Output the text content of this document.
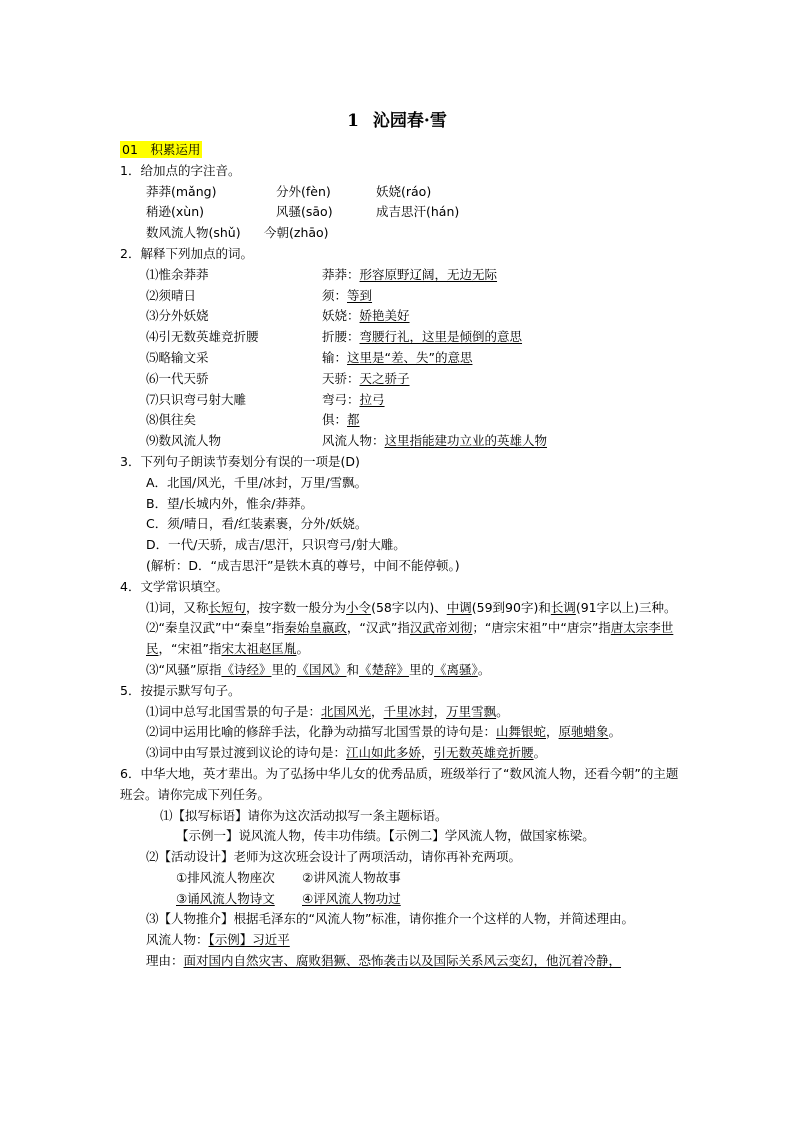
1 沁园春·雪
01　积累运用
1．给加点的字注音。
莽莽(mǎng)	分外(fèn)	妖娆(ráo)
稍逊(xùn)	风骚(sāo)	成吉思汗(hán)
数风流人物(shǔ)	今朝(zhāo)
2．解释下列加点的词。
⑴惟余莽莽	莽莽：形容原野辽阔，无边无际
⑵须晴日	须：等到
⑶分外妖娆	妖娆：娇艳美好
⑷引无数英雄竞折腰	折腰：弯腰行礼，这里是倾倒的意思
⑸略输文采	输：这里是“差、失”的意思
⑹一代天骄	天骄：天之骄子
⑺只识弯弓射大雕	弯弓：拉弓
⑻俱往矣	俱：都
⑼数风流人物	风流人物：这里指能建功立业的英雄人物
3．下列句子朗读节奏划分有误的一项是(D)
A．北国/风光，千里/冰封，万里/雪飘。
B．望/长城内外，惟余/莽莽。
C．须/晴日，看/红装素裹，分外/妖娆。
D．一代/天骄，成吉/思汗，只识弯弓/射大雕。
(解析：D．“成吉思汗”是铁木真的尊号，中间不能停顿。)
4．文学常识填空。
⑴词，又称长短句，按字数一般分为小令(58字以内)、中调(59到90字)和长调(91字以上)三种。
⑵“秦皇汉武”中“秦皇”指秦始皇嬴政，“汉武”指汉武帝刘彻；“唐宗宋祖”中“唐宗”指唐太宗李世民，“宋祖”指宋太祖赵匡胤。
⑶“风骚”原指《诗经》里的《国风》和《楚辞》里的《离骚》。
5．按提示默写句子。
⑴词中总写北国雪景的句子是：北国风光，千里冰封，万里雪飘。
⑵词中运用比喻的修辞手法，化静为动描写北国雪景的诗句是：山舞银蛇，原驰蜡象。
⑶词中由写景过渡到议论的诗句是：江山如此多娇，引无数英雄竞折腰。
6．中华大地，英才辈出。为了弘扬中华儿女的优秀品质，班级举行了“数风流人物，还看今朝”的主题班会。请你完成下列任务。
⑴【拟写标语】请你为这次活动拟写一条主题标语。
【示例一】说风流人物，传丰功伟绩。【示例二】学风流人物，做国家栋梁。
⑵【活动设计】老师为这次班会设计了两项活动，请你再补充两项。
①排风流人物座次	②讲风流人物故事
③诵风流人物诗文	④评风流人物功过
⑶【人物推介】根据毛泽东的“风流人物”标准，请你推介一个这样的人物，并简述理由。
风流人物：【示例】习近平
理由：面对国内自然灾害、腐败猖獗、恐怖袭击以及国际关系风云变幻，他沉着冷静，
